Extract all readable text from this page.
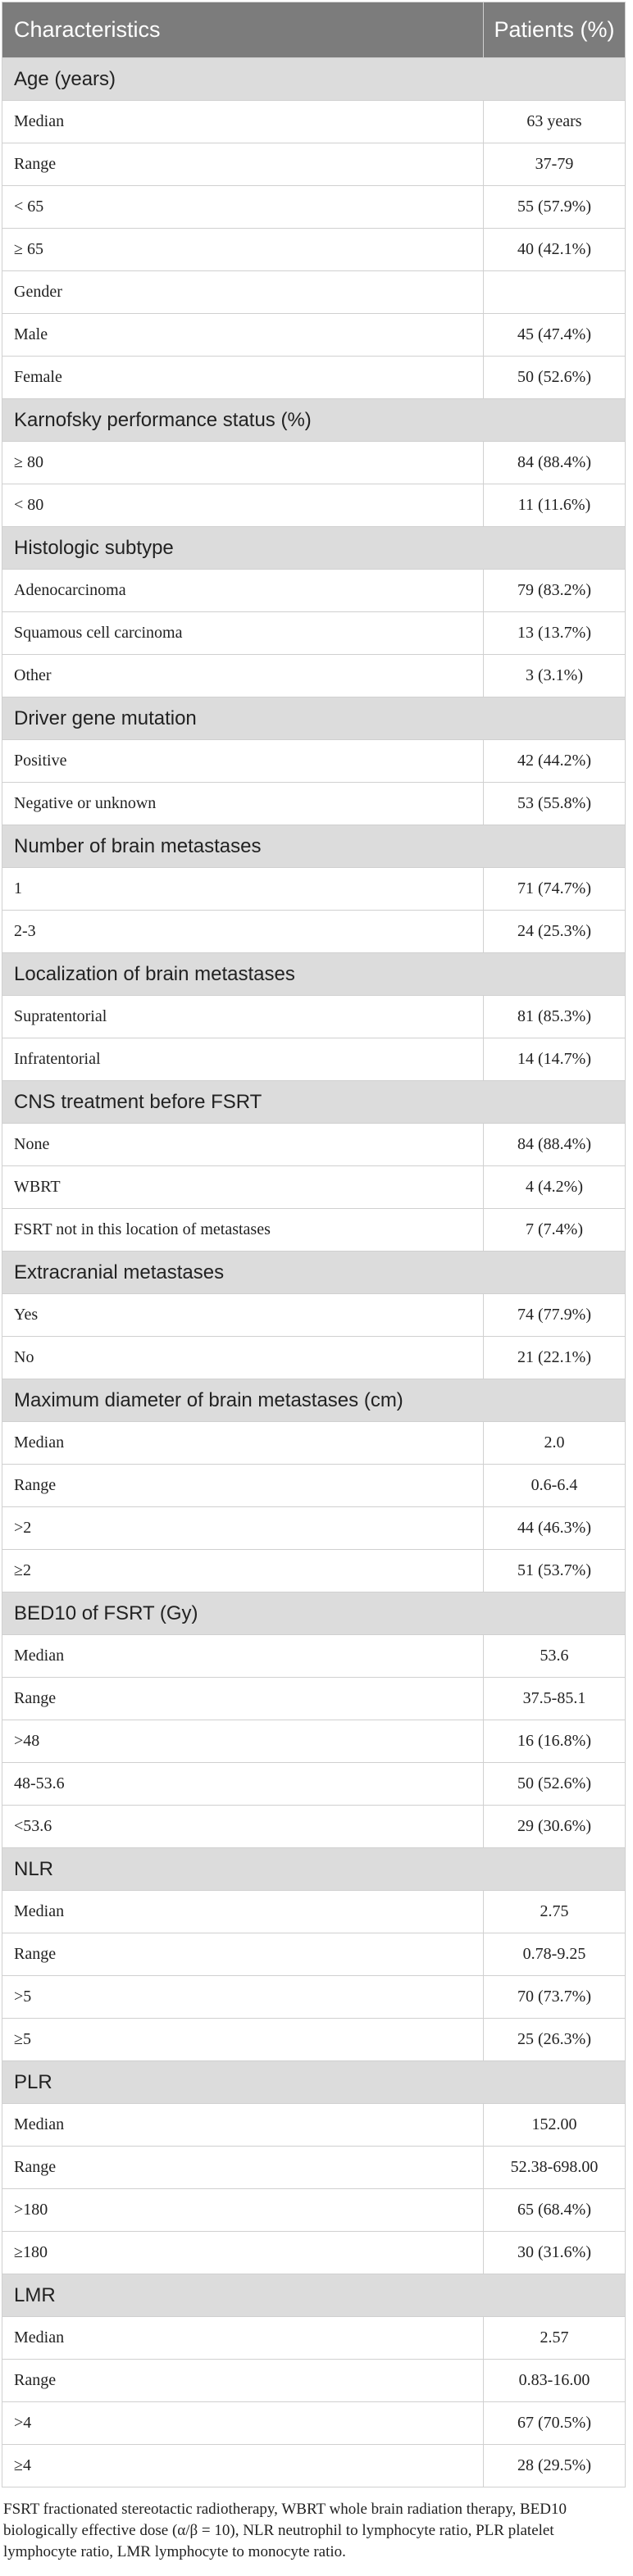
Characteristics	Patients (%)
Age (years)	
Median	63 years
Range	37-79
< 65	55 (57.9%)
≥ 65	40 (42.1%)
Gender	
Male	45 (47.4%)
Female	50 (52.6%)
Karnofsky performance status (%)	
≥ 80	84 (88.4%)
< 80	11 (11.6%)
Histologic subtype	
Adenocarcinoma	79 (83.2%)
Squamous cell carcinoma	13 (13.7%)
Other	3 (3.1%)
Driver gene mutation	
Positive	42 (44.2%)
Negative or unknown	53 (55.8%)
Number of brain metastases	
1	71 (74.7%)
2-3	24 (25.3%)
Localization of brain metastases	
Supratentorial	81 (85.3%)
Infratentorial	14 (14.7%)
CNS treatment before FSRT	
None	84 (88.4%)
WBRT	4 (4.2%)
FSRT not in this location of metastases	7 (7.4%)
Extracranial metastases	
Yes	74 (77.9%)
No	21 (22.1%)
Maximum diameter of brain metastases (cm)	
Median	2.0
Range	0.6-6.4
>2	44 (46.3%)
≥2	51 (53.7%)
BED10 of FSRT (Gy)	
Median	53.6
Range	37.5-85.1
>48	16 (16.8%)
48-53.6	50 (52.6%)
<53.6	29 (30.6%)
NLR	
Median	2.75
Range	0.78-9.25
>5	70 (73.7%)
≥5	25 (26.3%)
PLR	
Median	152.00
Range	52.38-698.00
>180	65 (68.4%)
≥180	30 (31.6%)
LMR	
Median	2.57
Range	0.83-16.00
>4	67 (70.5%)
≥4	28 (29.5%)

FSRT fractionated stereotactic radiotherapy, WBRT whole brain radiation therapy, BED10 biologically effective dose (α/β = 10), NLR neutrophil to lymphocyte ratio, PLR platelet lymphocyte ratio, LMR lymphocyte to monocyte ratio.
